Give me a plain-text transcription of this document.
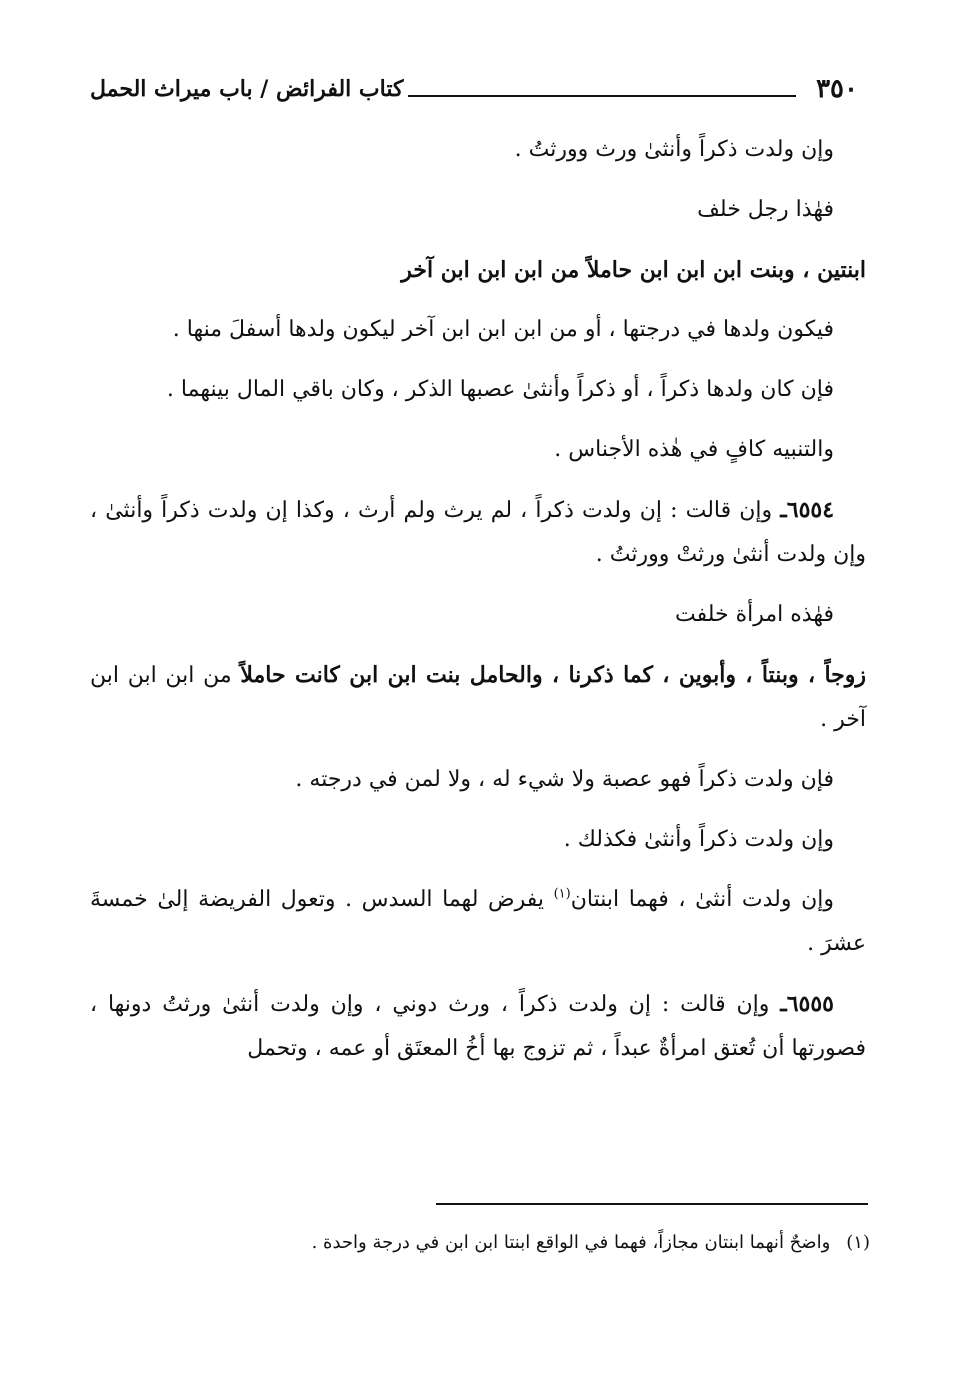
٣٥٠
كتاب الفرائض / باب ميراث الحمل

وإن ولدت ذكراً وأنثىٰ ورث وورثتُ .

فهٰذا رجل خلف

ابنتين ، وبنت ابن ابن ابن حاملاً من ابن ابن ابن آخر

فيكون ولدها في درجتها ، أو من ابن ابن ابن آخر ليكون ولدها أسفلَ منها .

فإن كان ولدها ذكراً ، أو ذكراً وأنثىٰ عصبها الذكر ، وكان باقي المال بينهما .

والتنبيه كافٍ في هٰذه الأجناس .

٦٥٥٤ـ وإن قالت : إن ولدت ذكراً ، لم يرث ولم أرث ، وكذا إن ولدت ذكراً وأنثىٰ ، وإن ولدت أنثىٰ ورثتْ وورثتُ .

فهٰذه امرأة خلفت

زوجاً ، وبنتاً ، وأبوين ، كما ذكرنا ، والحامل بنت ابن ابن كانت حاملاً من ابن ابن ابن آخر .

فإن ولدت ذكراً فهو عصبة ولا شيء له ، ولا لمن في درجته .

وإن ولدت ذكراً وأنثىٰ فكذلك .

وإن ولدت أنثىٰ ، فهما ابنتان$^{(١)}$ يفرض لهما السدس . وتعول الفريضة إلىٰ خمسةَ عشرَ .

٦٥٥٥ـ وإن قالت : إن ولدت ذكراً ، ورث دوني ، وإن ولدت أنثىٰ ورثتُ دونها ، فصورتها أن تُعتق امرأةٌ عبداً ، ثم تزوج بها أخُ المعتَق أو عمه ، وتحمل

(١)واضحٌ أنهما ابنتان مجازاً، فهما في الواقع ابنتا ابن ابن في درجة واحدة .
